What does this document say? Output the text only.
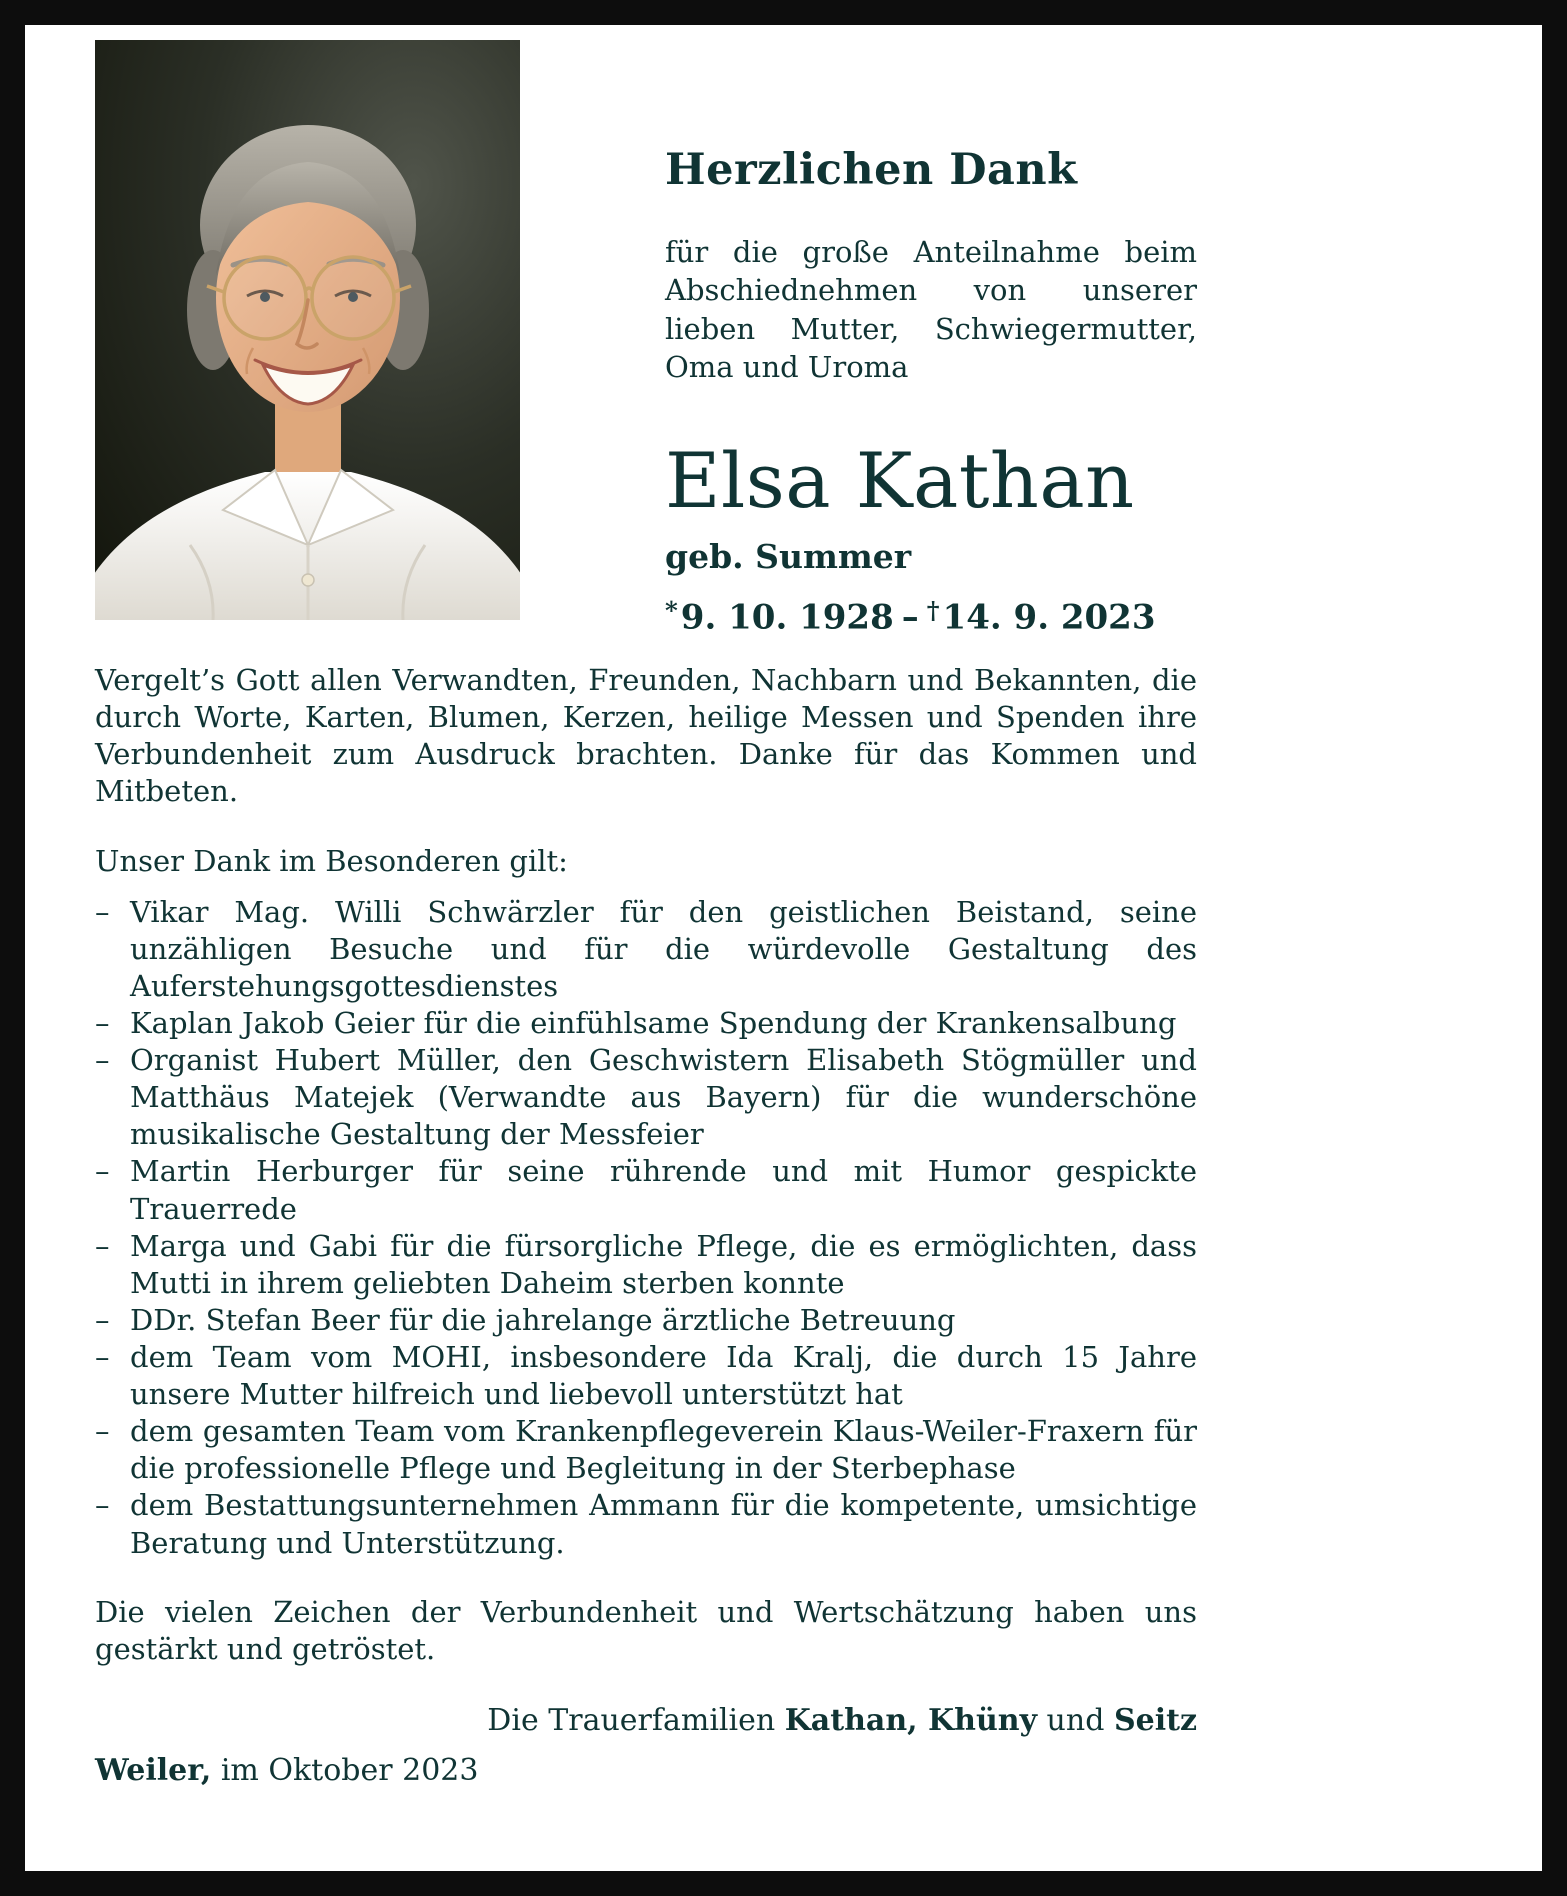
Herzlichen Dank

für die große Anteilnahme beim Abschiednehmen von unserer lieben Mutter, Schwiegermutter, Oma und Uroma

Elsa Kathan
geb. Summer
*9. 10. 1928 – †14. 9. 2023

Vergelt’s Gott allen Verwandten, Freunden, Nachbarn und Bekannten, die durch Worte, Karten, Blumen, Kerzen, heilige Messen und Spenden ihre Verbundenheit zum Ausdruck brachten. Danke für das Kommen und Mitbeten.

Unser Dank im Besonderen gilt:

– Vikar Mag. Willi Schwärzler für den geistlichen Beistand, seine unzähligen Besuche und für die würdevolle Gestaltung des Auferstehungsgottesdienstes
– Kaplan Jakob Geier für die einfühlsame Spendung der Krankensalbung
– Organist Hubert Müller, den Geschwistern Elisabeth Stögmüller und Matthäus Matejek (Verwandte aus Bayern) für die wunderschöne musikalische Gestaltung der Messfeier
– Martin Herburger für seine rührende und mit Humor gespickte Trauerrede
– Marga und Gabi für die fürsorgliche Pflege, die es ermöglichten, dass Mutti in ihrem geliebten Daheim sterben konnte
– DDr. Stefan Beer für die jahrelange ärztliche Betreuung
– dem Team vom MOHI, insbesondere Ida Kralj, die durch 15 Jahre unsere Mutter hilfreich und liebevoll unterstützt hat
– dem gesamten Team vom Krankenpflegeverein Klaus-Weiler-Fraxern für die professionelle Pflege und Begleitung in der Sterbephase
– dem Bestattungsunternehmen Ammann für die kompetente, umsichtige Beratung und Unterstützung.

Die vielen Zeichen der Verbundenheit und Wertschätzung haben uns gestärkt und getröstet.

Die Trauerfamilien Kathan, Khüny und Seitz
Weiler, im Oktober 2023
